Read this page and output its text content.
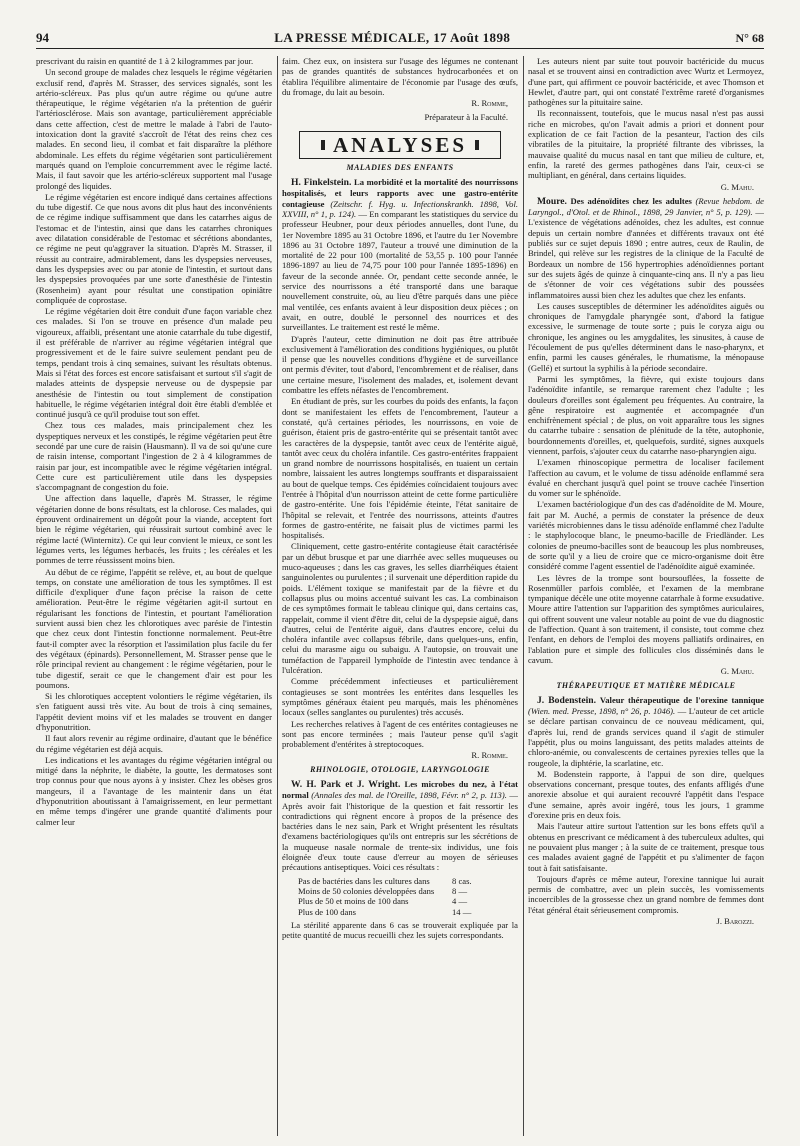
94	LA PRESSE MÉDICALE, 17 Août 1898	N° 68

prescrivant du raisin en quantité de 1 à 2 kilogrammes par jour.

Un second groupe de malades chez lesquels le régime végétarien exclusif rend, d'après M. Strasser, des services signalés, sont les artério-scléreux. Pas plus qu'un autre régime ou qu'une autre thérapeutique, le régime végétarien n'a la prétention de guérir l'artériosclérose. Mais son avantage, particulièrement appréciable dans cette affection, c'est de mettre le malade à l'abri de l'auto-intoxication dont la gravité s'accroît de l'état des reins chez ces malades. En second lieu, il combat et fait disparaître la pléthore abdominale. Les effets du régime végétarien sont particulièrement marqués quand on l'emploie concurremment avec le régime lacté. Mais, il faut savoir que les artério-scléreux supportent mal l'usage prolongé des liquides.

Le régime végétarien est encore indiqué dans certaines affections du tube digestif. Ce que nous avons dit plus haut des inconvénients de ce régime indique suffisamment que dans les catarrhes aigus de l'estomac et de l'intestin, ainsi que dans les catarrhes chroniques avec dilatation considérable de l'estomac et sécrétions abondantes, ce régime ne peut qu'aggraver la situation. D'après M. Strasser, il réussit au contraire, admirablement, dans les dyspepsies nerveuses, dans les dyspepsies avec ou par atonie de l'intestin, et surtout dans les dyspepsies provoquées par une sorte d'anesthésie de l'intestin (Rosenheim) ayant pour résultat une constipation opiniâtre compliquée de coprostase.

Le régime végétarien doit être conduit d'une façon variable chez ces malades. Si l'on se trouve en présence d'un malade peu vigoureux, affaibli, présentant une atonie catarrhale du tube digestif, il est préférable de n'arriver au régime végétarien intégral que progressivement et de le faire suivre seulement pendant peu de temps, pendant trois à cinq semaines, suivant les résultats obtenus. Mais si l'état des forces est encore satisfaisant et surtout s'il s'agit de malades atteints de dyspepsie nerveuse ou de dyspepsie par anesthésie de l'intestin ou tout simplement de constipation habituelle, le régime végétarien intégral doit être établi d'emblée et continué jusqu'à ce qu'il produise tout son effet.

Chez tous ces malades, mais principalement chez les dyspeptiques nerveux et les constipés, le régime végétarien peut être secondé par une cure de raisin (Hausmann). Il va de soi qu'une cure de raisin intense, comportant l'ingestion de 2 à 4 kilogrammes de raisin par jour, est incompatible avec le régime végétarien intégral. Cette cure est particulièrement utile dans les dyspepsies s'accompagnant de congestion du foie.

Une affection dans laquelle, d'après M. Strasser, le régime végétarien donne de bons résultats, est la chlorose. Ces malades, qui éprouvent ordinairement un dégoût pour la viande, acceptent fort bien le régime végétarien, qui réussirait surtout combiné avec le régime lacté (Winternitz). Ce qui leur convient le mieux, ce sont les légumes verts, les légumes herbacés, les fruits ; les céréales et les pommes de terre réussissent moins bien.

Au début de ce régime, l'appétit se relève, et, au bout de quelque temps, on constate une amélioration de tous les symptômes. Il est difficile d'expliquer d'une façon précise la raison de cette amélioration. Peut-être le régime végétarien agit-il surtout en régularisant les fonctions de l'intestin, et pourtant l'amélioration survient aussi bien chez les chlorotiques avec parésie de l'intestin que chez ceux dont l'intestin fonctionne normalement. Peut-être faut-il compter avec la résorption et l'assimilation plus facile du fer des végétaux (épinards). Personnellement, M. Strasser pense que le rôle principal revient au changement : le régime végétarien, pour le tube digestif, serait ce que le changement d'air est pour les poumons.

Si les chlorotiques acceptent volontiers le régime végétarien, ils s'en fatiguent aussi très vite. Au bout de trois à cinq semaines, l'appétit devient moins vif et les malades se trouvent en danger d'hyponutrition.

Il faut alors revenir au régime ordinaire, d'autant que le bénéfice du régime végétarien est déjà acquis.

Les indications et les avantages du régime végétarien intégral ou mitigé dans la néphrite, le diabète, la goutte, les dermatoses sont trop connus pour que nous ayons à y insister. Chez les obèses gros mangeurs, il a l'avantage de les maintenir dans un état d'hyponutrition aboutissant à l'amaigrissement, en leur permettant en même temps d'ingérer une grande quantité d'aliments pour calmer leur

faim. Chez eux, on insistera sur l'usage des légumes ne contenant pas de grandes quantités de substances hydrocarbonées et on établira l'équilibre alimentaire de l'économie par l'usage des œufs, du fromage, du lait au besoin.

R. Romme,
Préparateur à la Faculté.
ANALYSES
MALADIES DES ENFANTS

H. Finkelstein. La morbidité et la mortalité des nourrissons hospitalisés, et leurs rapports avec une gastro-entérite contagieuse (Zeitschr. f. Hyg. u. Infectionskrankh. 1898, Vol. XXVIII, n° 1, p. 124). — En comparant les statistiques du service du professeur Heubner, pour deux périodes annuelles, dont l'une, du 1er Novembre 1895 au 31 Octobre 1896, et l'autre du 1er Novembre 1896 au 31 Octobre 1897, l'auteur a trouvé une diminution de la mortalité de 22 pour 100 (mortalité de 53,55 p. 100 pour l'année 1896-1897 au lieu de 74,75 pour 100 pour l'année 1895-1896) en faveur de la seconde année. Or, pendant cette seconde année, le service des nourrissons a été transporté dans une baraque nouvellement construite, où, au lieu d'être parqués dans une pièce mal ventilée, ces enfants avaient à leur disposition deux pièces ; on avait, en outre, doublé le personnel des nourrices et des surveillantes. Le traitement est resté le même.

D'après l'auteur, cette diminution ne doit pas être attribuée exclusivement à l'amélioration des conditions hygiéniques, ou plutôt il pense que les nouvelles conditions d'hygiène et de surveillance ont permis d'éviter, tout d'abord, l'encombrement et de réaliser, dans une certaine mesure, l'isolement des malades, et, isolement devant combattre les effets néfastes de l'encombrement.

En étudiant de près, sur les courbes du poids des enfants, la façon dont se manifestaient les effets de l'encombrement, l'auteur a constaté, qu'à certaines périodes, les nourrissons, en voie de guérison, étaient pris de gastro-entérite qui se présentait tantôt avec les caractères de la dyspepsie, tantôt avec ceux de l'entérite aiguë, tantôt avec ceux du choléra infantile. Ces gastro-entérites frappaient un grand nombre de nourrissons hospitalisés, en tuaient un certain nombre, laissaient les autres longtemps souffrants et disparaissaient au bout de quelque temps. Ces épidémies coïncidaient toujours avec l'entrée à l'hôpital d'un nourrisson atteint de cette forme particulière de gastro-entérite. Une fois l'épidémie éteinte, l'état sanitaire de l'hôpital se relevait, et l'entrée des nourrissons, atteints d'autres formes de gastro-entérite, ne faisait plus de victimes parmi les hospitalisés.

Cliniquement, cette gastro-entérite contagieuse était caractérisée par un début brusque et par une diarrhée avec selles muqueuses ou muco-aqueuses ; dans les cas graves, les selles diarrhéiques étaient sanguinolentes ou purulentes ; il survenait une déperdition rapide du poids. L'élément toxique se manifestait par de la fièvre et du collapsus plus ou moins accentué suivant les cas. La combinaison de ces symptômes formait le tableau clinique qui, dans certains cas, rappelait, comme il vient d'être dit, celui de la dyspepsie aiguë, dans d'autres, celui de l'entérite aiguë, dans d'autres encore, celui du choléra infantile avec collapsus fébrile, dans quelques-uns, enfin, celui du marasme aigu ou subaigu. A l'autopsie, on trouvait une tuméfaction de l'appareil lymphoïde de l'intestin avec tendance à l'ulcération.

Comme précédemment infectieuses et particulièrement contagieuses se sont montrées les entérites dans lesquelles les symptômes généraux étaient peu marqués, mais les phénomènes locaux (selles sanglantes ou purulentes) très accusés.

Les recherches relatives à l'agent de ces entérites contagieuses ne sont pas encore terminées ; mais l'auteur pense qu'il s'agit probablement d'entérites à streptocoques.

R. Romme.
RHINOLOGIE, OTOLOGIE, LARYNGOLOGIE

W. H. Park et J. Wright. Les microbes du nez, à l'état normal (Annales des mal. de l'Oreille, 1898, Févr. n° 2, p. 113). — Après avoir fait l'historique de la question et fait ressortir les contradictions qui règnent encore à propos de la présence des bactéries dans le nez sain, Park et Wright présentent les résultats d'examens bactériologiques qu'ils ont entrepris sur les sécrétions de la muqueuse nasale normale de trente-six individus, une fois éloignée d'eux toute cause d'erreur au moyen de sérieuses précautions antiseptiques. Voici ces résultats :

Pas de bactéries dans les cultures dans	8 cas.
Moins de 50 colonies développées dans	8 —
Plus de 50 et moins de 100 dans	4 —
Plus de 100 dans	14 —

La stérilité apparente dans 6 cas se trouverait expliquée par la petite quantité de mucus recueilli chez les sujets correspondants.

Les auteurs nient par suite tout pouvoir bactéricide du mucus nasal et se trouvent ainsi en contradiction avec Wurtz et Lermoyez, d'une part, qui affirment ce pouvoir bactéricide, et avec Thomson et Hewlet, d'autre part, qui ont constaté l'extrême rareté d'organismes pathogènes sur la pituitaire saine.

Ils reconnaissent, toutefois, que le mucus nasal n'est pas aussi riche en microbes, qu'on l'avait admis a priori et donnent pour explication de ce fait l'action de la pesanteur, l'action des cils vibratiles de la pituitaire, la propriété filtrante des vibrisses, la mauvaise qualité du mucus nasal en tant que milieu de culture, et, enfin, la rareté des germes pathogènes dans l'air, ceux-ci se multipliant, en général, dans certains liquides.

G. Mahu.

Moure. Des adénoïdites chez les adultes (Revue hebdom. de Laryngol., d'Otol. et de Rhinol., 1898, 29 Janvier, n° 5, p. 129). — L'existence de végétations adénoïdes, chez les adultes, est connue depuis un certain nombre d'années et différents travaux ont été publiés sur ce sujet depuis 1890 ; entre autres, ceux de Raulin, de Brindel, qui relève sur les registres de la clinique de la Faculté de Bordeaux un nombre de 156 hypertrophies adénoïdiennes portant sur des sujets âgés de quinze à cinquante-cinq ans. Il n'y a pas lieu de s'étonner de voir ces végétations subir des poussées inflammatoires aussi bien chez les adultes que chez les enfants.

Les causes susceptibles de déterminer les adénoïdites aiguës ou chroniques de l'amygdale pharyngée sont, d'abord la fatigue excessive, le surmenage de toute sorte ; puis le coryza aigu ou chronique, les angines ou les amygdalites, les sinusites, à cause de l'écoulement de pus qu'elles déterminent dans le naso-pharynx, et enfin, parmi les causes générales, le rhumatisme, la ménopause (Gellé) et surtout la syphilis à la période secondaire.

Parmi les symptômes, la fièvre, qui existe toujours dans l'adénoïdite infantile, se remarque rarement chez l'adulte ; les douleurs d'oreilles sont également peu fréquentes. Au contraire, la gêne respiratoire est augmentée et accompagnée d'un enchifrènement spécial ; de plus, on voit apparaître tous les signes du catarrhe tubaire : sensation de plénitude de la tête, autophonie, bourdonnements d'oreilles, et, quelquefois, surdité, signes auxquels viennent, parfois, s'ajouter ceux du catarrhe naso-pharyngien aigu.

L'examen rhinoscopique permettra de localiser facilement l'affection au cavum, et le volume de tissu adénoïde enflammé sera évalué en cherchant jusqu'à quel point se trouve cachée l'insertion du vomer sur le sphénoïde.

L'examen bactériologique d'un des cas d'adénoïdite de M. Moure, fait par M. Auché, a permis de constater la présence de deux variétés microbiennes dans le tissu adénoïde enflammé chez l'adulte : le staphylocoque blanc, le pneumo-bacille de Friedländer. Les colonies de pneumo-bacilles sont de beaucoup les plus nombreuses, de sorte qu'il y a lieu de croire que ce micro-organisme doit être considéré comme l'agent essentiel de l'adénoïdite aiguë examinée.

Les lèvres de la trompe sont boursouflées, la fossette de Rosenmüller parfois comblée, et l'examen de la membrane tympanique décèle une otite moyenne catarrhale à forme exsudative. Moure attire l'attention sur l'apparition des symptômes auriculaires, qui offrent souvent une valeur notable au point de vue du diagnostic de l'affection. Quant à son traitement, il consiste, tout comme chez l'enfant, en dehors de l'emploi des moyens palliatifs ordinaires, en l'ablation pure et simple des follicules clos disséminés dans le cavum.

G. Mahu.
THÉRAPEUTIQUE ET MATIÈRE MÉDICALE

J. Bodenstein. Valeur thérapeutique de l'orexine tannique (Wien. med. Presse, 1898, n° 26, p. 1046). — L'auteur de cet article se déclare partisan convaincu de ce nouveau médicament, qui, d'après lui, rend de grands services quand il s'agit de stimuler l'appétit, plus ou moins languissant, des petits malades atteints de chloro-anémie, ou convalescents de certaines pyrexies telles que la rougeole, la diphtérie, la scarlatine, etc.

M. Bodenstein rapporte, à l'appui de son dire, quelques observations concernant, presque toutes, des enfants affligés d'une anorexie absolue et qui auraient recouvré l'appétit dans l'espace d'une semaine, après avoir ingéré, tous les jours, 1 gramme d'orexine pris en deux fois.

Mais l'auteur attire surtout l'attention sur les bons effets qu'il a obtenus en prescrivant ce médicament à des tuberculeux adultes, qui ne pouvaient plus manger ; à la suite de ce traitement, presque tous ces malades avaient gagné de l'appétit et pu s'alimenter de façon tout à fait satisfaisante.

Toujours d'après ce même auteur, l'orexine tannique lui aurait permis de combattre, avec un plein succès, les vomissements incoercibles de la grossesse chez un grand nombre de femmes dont l'état général était sérieusement compromis.

J. Barozzi.
